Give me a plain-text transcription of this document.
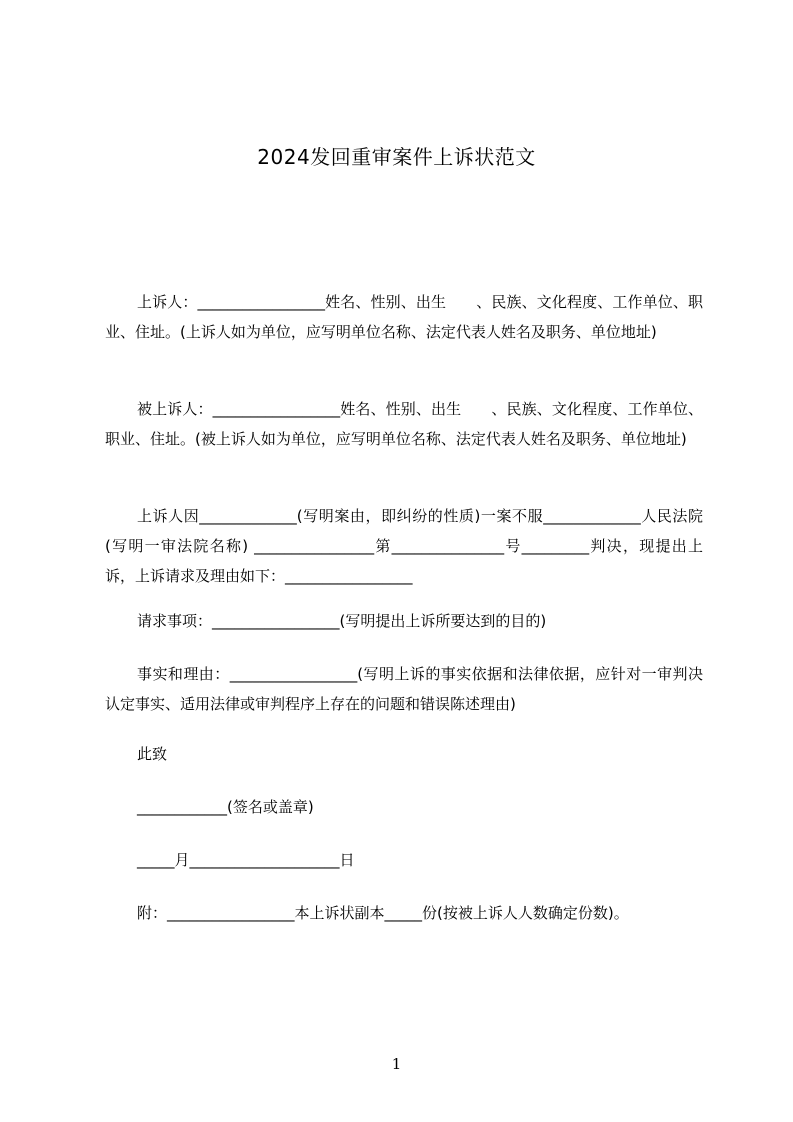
2024发回重审案件上诉状范文

上诉人：_________________姓名、性别、出生　　、民族、文化程度、工作单位、职业、住址。(上诉人如为单位，应写明单位名称、法定代表人姓名及职务、单位地址)

被上诉人：_________________姓名、性别、出生　　、民族、文化程度、工作单位、职业、住址。(被上诉人如为单位，应写明单位名称、法定代表人姓名及职务、单位地址)

上诉人因_____________(写明案由，即纠纷的性质)一案不服_____________人民法院(写明一审法院名称) ________________第_______________号_________判决，现提出上诉，上诉请求及理由如下：_________________

请求事项：_________________(写明提出上诉所要达到的目的)

事实和理由：_________________(写明上诉的事实依据和法律依据，应针对一审判决认定事实、适用法律或审判程序上存在的问题和错误陈述理由)

此致

____________(签名或盖章)

_____月____________________日

附：_________________本上诉状副本_____份(按被上诉人人数确定份数)。

1
